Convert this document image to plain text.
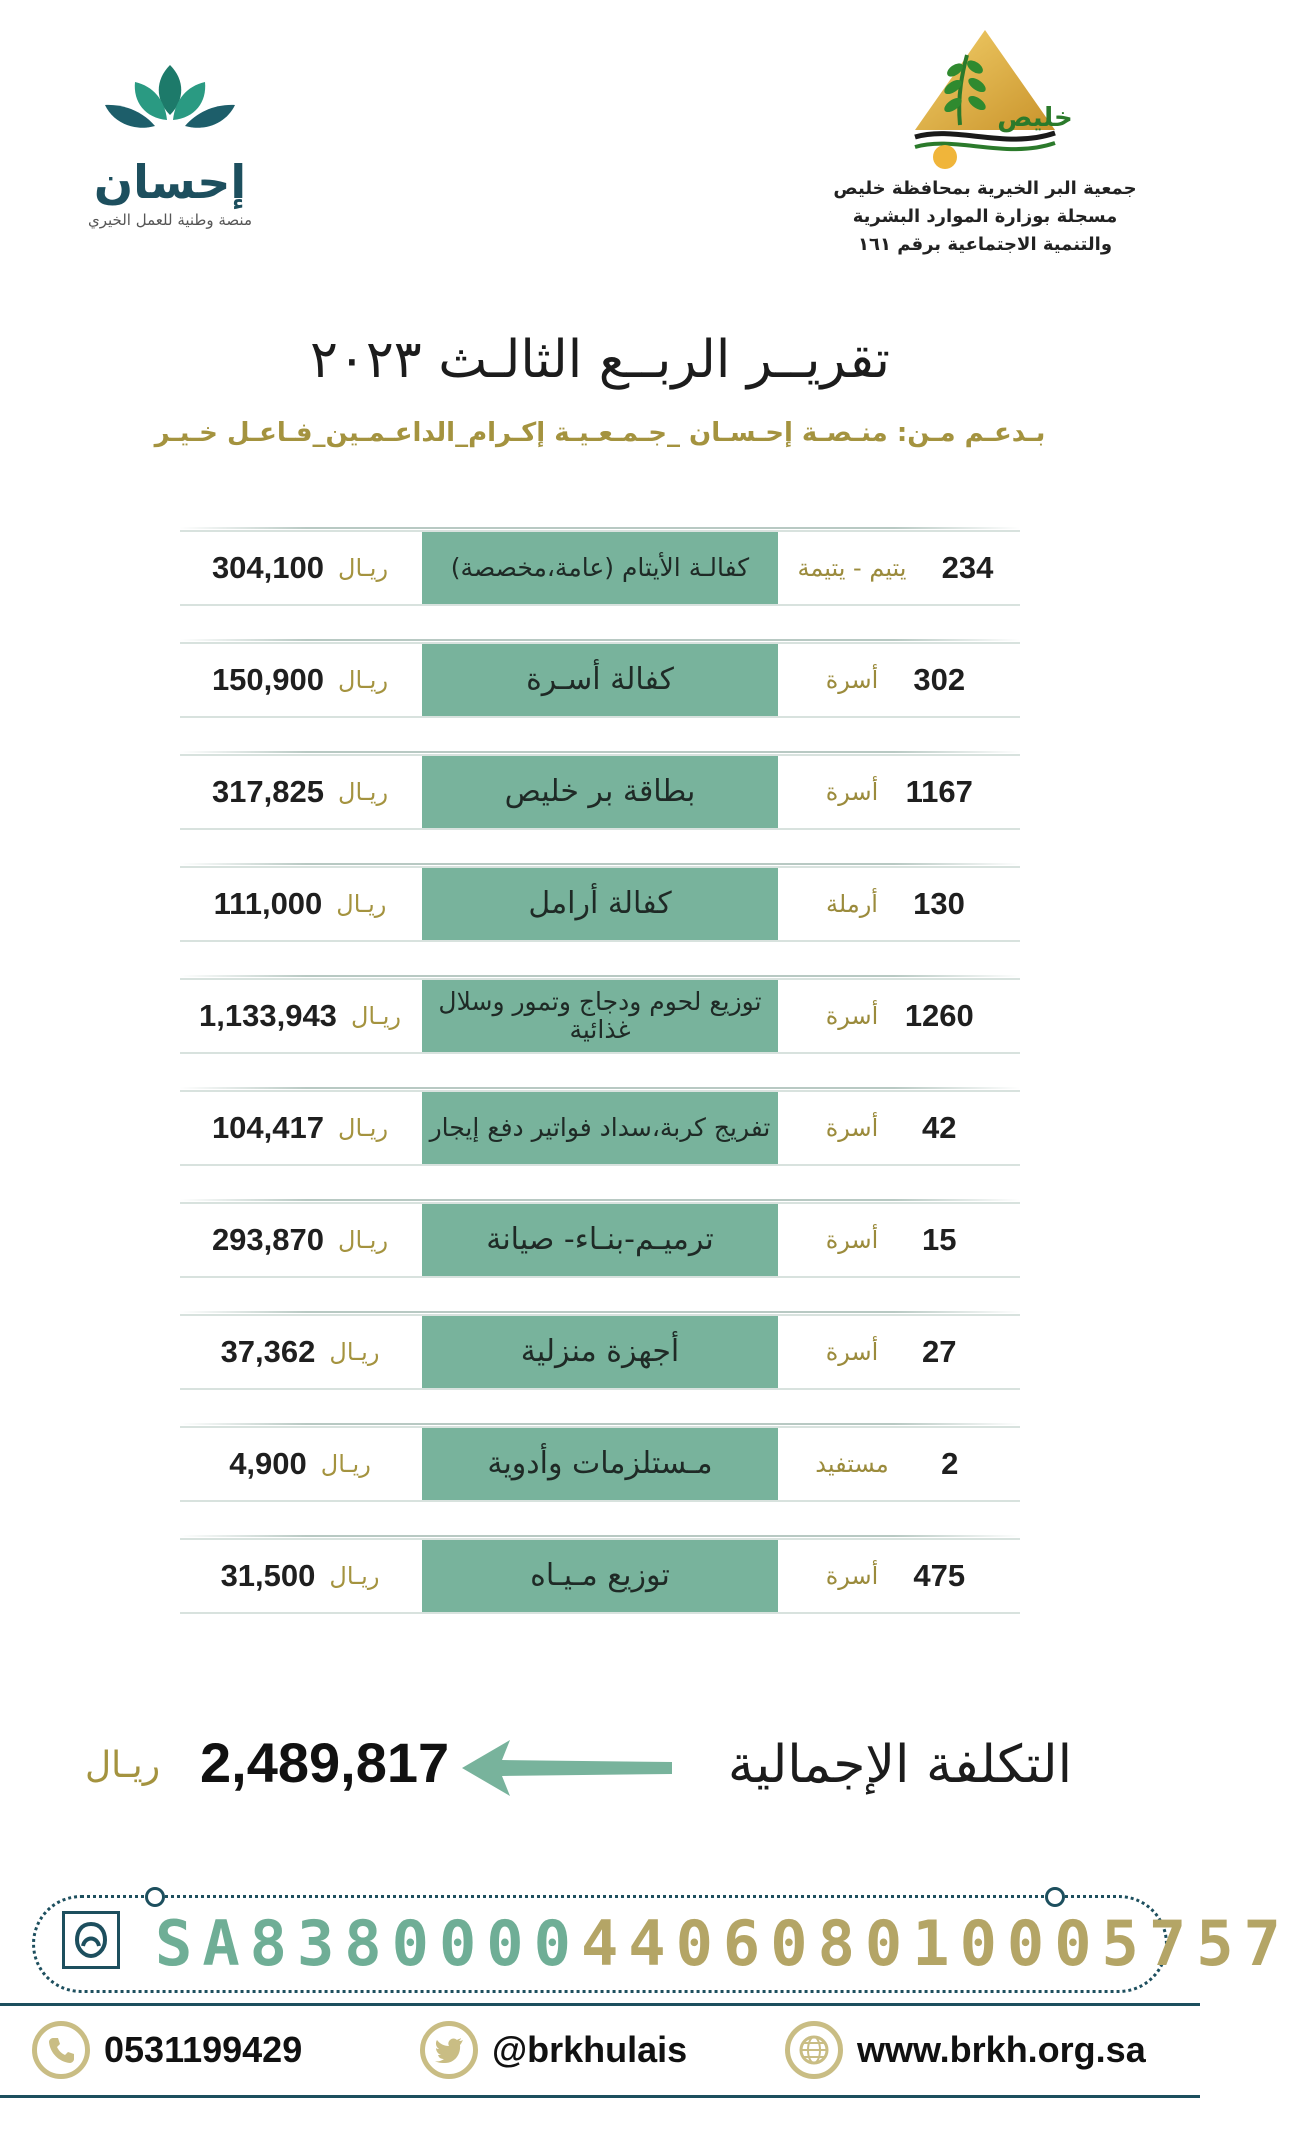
إحسان
منصة وطنية للعمل الخيري
خليص
جمعية البر الخيرية بمحافظة خليص
مسجلة بوزارة الموارد البشرية
والتنمية الاجتماعية برقم ١٦١
تقريــر الربــع الثالـث ٢٠٢٣
بـدعـم مـن: منـصـة إحـسـان _جـمـعـيـة إكـرام_الداعـمـين_فـاعـل خـيـر
ريـال
304,100	كفالـة الأيتام (عامة،مخصصة)	يتيم - يتيمة 234
ريـال
150,900	كفالة أسـرة	أسرة 302
ريـال
317,825	بطاقة بر خليص	أسرة 1167
ريـال
111,000	كفالة أرامل	أرملة 130
ريـال
1,133,943	توزيع لحوم ودجاج وتمور وسلال غذائية	أسرة 1260
ريـال
104,417	تفريج كربة،سداد فواتير دفع إيجار	أسرة	42
ريـال
293,870	ترميـم-بنـاء- صيانة	أسرة	15
ريـال
37,362	أجهزة منزلية	أسرة	27
ريـال
4,900	مـستلزمات وأدوية	مستفيد	2
ريـال
31,500	توزيع مـيـاه	أسرة 475
التكلفة الإجمالية
2,489,817
ريـال
SA8380000440608010005757
0531199429	@brkhulais	www.brkh.org.sa
